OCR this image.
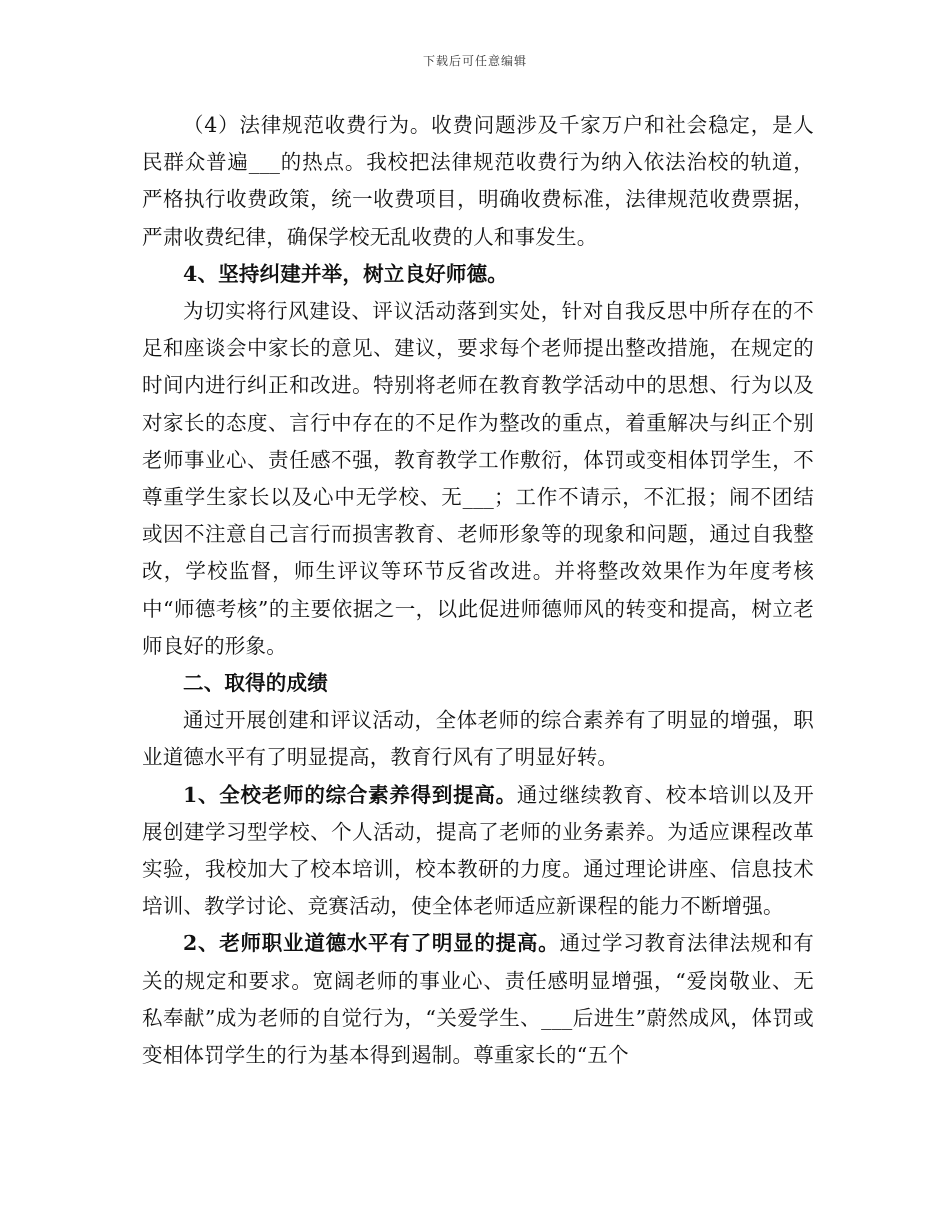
下载后可任意编辑

（4）法律规范收费行为。收费问题涉及千家万户和社会稳定，是人民群众普遍___的热点。我校把法律规范收费行为纳入依法治校的轨道，严格执行收费政策，统一收费项目，明确收费标准，法律规范收费票据，严肃收费纪律，确保学校无乱收费的人和事发生。

4、坚持纠建并举，树立良好师德。

为切实将行风建设、评议活动落到实处，针对自我反思中所存在的不足和座谈会中家长的意见、建议，要求每个老师提出整改措施，在规定的时间内进行纠正和改进。特别将老师在教育教学活动中的思想、行为以及对家长的态度、言行中存在的不足作为整改的重点，着重解决与纠正个别老师事业心、责任感不强，教育教学工作敷衍，体罚或变相体罚学生，不尊重学生家长以及心中无学校、无___；工作不请示，不汇报；闹不团结或因不注意自己言行而损害教育、老师形象等的现象和问题，通过自我整改，学校监督，师生评议等环节反省改进。并将整改效果作为年度考核中“师德考核”的主要依据之一，以此促进师德师风的转变和提高，树立老师良好的形象。

二、取得的成绩

通过开展创建和评议活动，全体老师的综合素养有了明显的增强，职业道德水平有了明显提高，教育行风有了明显好转。

1、全校老师的综合素养得到提高。通过继续教育、校本培训以及开展创建学习型学校、个人活动，提高了老师的业务素养。为适应课程改革实验，我校加大了校本培训，校本教研的力度。通过理论讲座、信息技术培训、教学讨论、竞赛活动，使全体老师适应新课程的能力不断增强。

2、老师职业道德水平有了明显的提高。通过学习教育法律法规和有关的规定和要求。宽阔老师的事业心、责任感明显增强，“爱岗敬业、无私奉献”成为老师的自觉行为，“关爱学生、___后进生”蔚然成风，体罚或变相体罚学生的行为基本得到遏制。尊重家长的“五个
